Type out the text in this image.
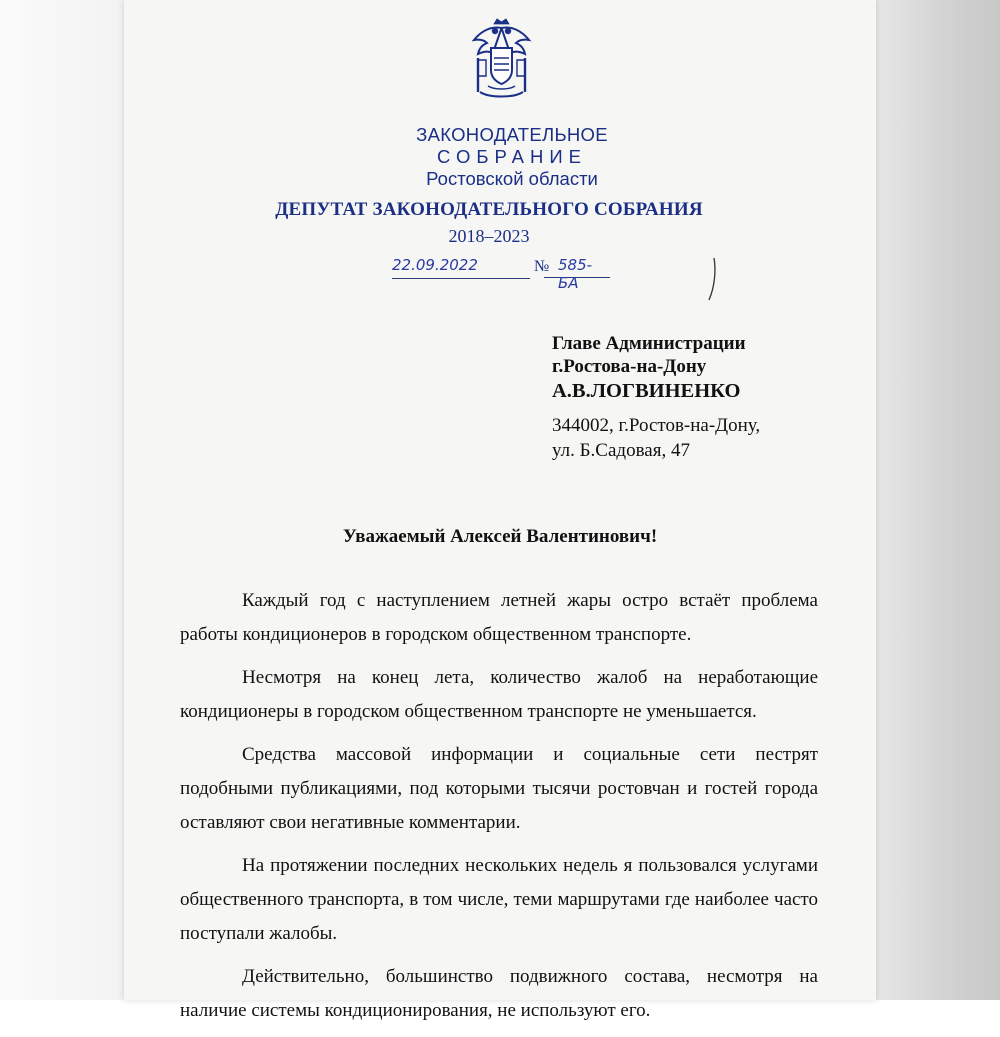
ЗАКОНОДАТЕЛЬНОЕ
СОБРАНИЕ
Ростовской области
ДЕПУТАТ ЗАКОНОДАТЕЛЬНОГО СОБРАНИЯ
2018–2023
22.09.2022	№ 585-БА
Главе Администрации
г.Ростова-на-Дону
А.В.ЛОГВИНЕНКО
344002, г.Ростов-на-Дону,
ул. Б.Садовая, 47
Уважаемый Алексей Валентинович!

Каждый год с наступлением летней жары остро встаёт проблема работы кондиционеров в городском общественном транспорте.

Несмотря на конец лета, количество жалоб на неработающие кондиционеры в городском общественном транспорте не уменьшается.

Средства массовой информации и социальные сети пестрят подобными публикациями, под которыми тысячи ростовчан и гостей города оставляют свои негативные комментарии.

На протяжении последних нескольких недель я пользовался услугами общественного транспорта, в том числе, теми маршрутами где наиболее часто поступали жалобы.

Действительно, большинство подвижного состава, несмотря на наличие системы кондиционирования, не используют его.
